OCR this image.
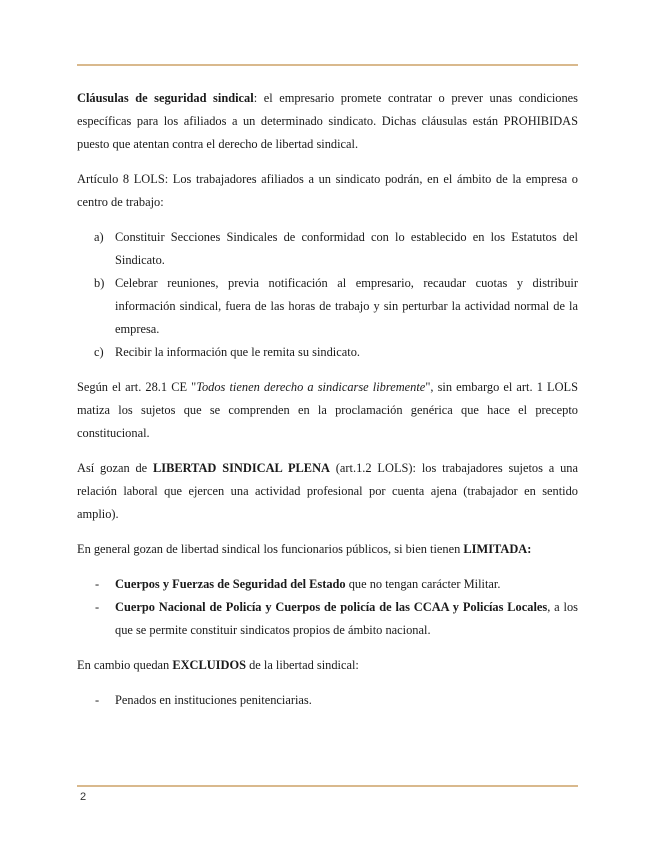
Cláusulas de seguridad sindical: el empresario promete contratar o prever unas condiciones específicas para los afiliados a un determinado sindicato. Dichas cláusulas están PROHIBIDAS puesto que atentan contra el derecho de libertad sindical.

Artículo 8 LOLS: Los trabajadores afiliados a un sindicato podrán, en el ámbito de la empresa o centro de trabajo:

a) Constituir Secciones Sindicales de conformidad con lo establecido en los Estatutos del Sindicato.
b) Celebrar reuniones, previa notificación al empresario, recaudar cuotas y distribuir información sindical, fuera de las horas de trabajo y sin perturbar la actividad normal de la empresa.
c) Recibir la información que le remita su sindicato.

Según el art. 28.1 CE "Todos tienen derecho a sindicarse libremente", sin embargo el art. 1 LOLS matiza los sujetos que se comprenden en la proclamación genérica que hace el precepto constitucional.

Así gozan de LIBERTAD SINDICAL PLENA (art.1.2 LOLS): los trabajadores sujetos a una relación laboral que ejercen una actividad profesional por cuenta ajena (trabajador en sentido amplio).

En general gozan de libertad sindical los funcionarios públicos, si bien tienen LIMITADA:

- Cuerpos y Fuerzas de Seguridad del Estado que no tengan carácter Militar.
- Cuerpo Nacional de Policía y Cuerpos de policía de las CCAA y Policías Locales, a los que se permite constituir sindicatos propios de ámbito nacional.

En cambio quedan EXCLUIDOS de la libertad sindical:

- Penados en instituciones penitenciarias.
2
